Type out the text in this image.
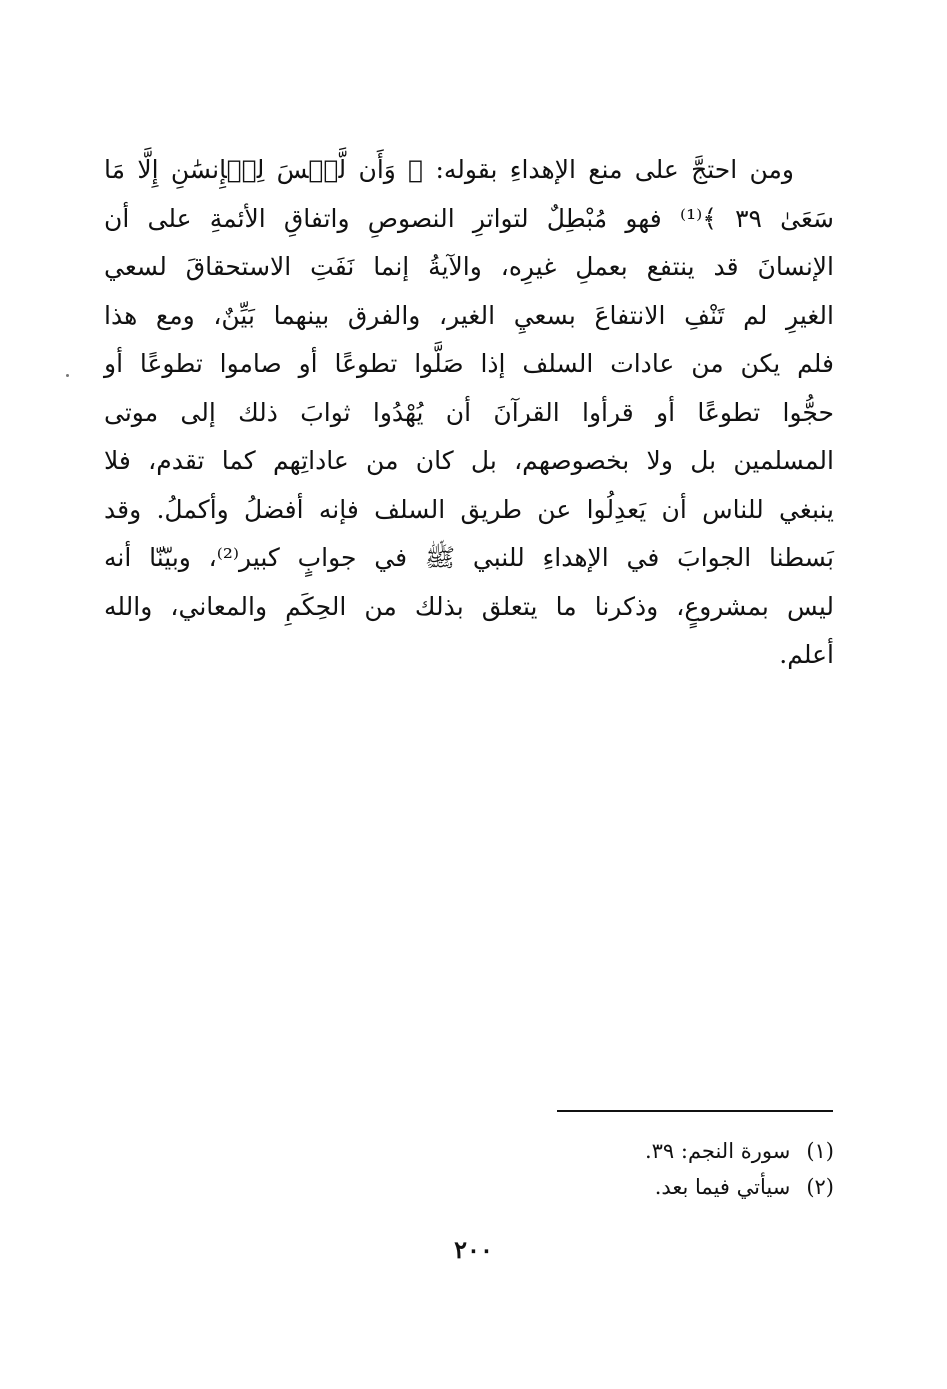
ومن احتجَّ على منع الإهداءِ بقوله: ﴿ وَأَن لَّيۡسَ لِلۡإِنسَٰنِ إِلَّا مَا
سَعَىٰ ٣٩ ﴾⁽¹⁾ فهو مُبْطِلٌ لتواترِ النصوصِ واتفاقِ الأئمةِ على أن
الإنسانَ قد ينتفع بعملِ غيرِه، والآيةُ إنما نَفَتِ الاستحقاقَ لسعي
الغيرِ لم تَنْفِ الانتفاعَ بسعيِ الغير، والفرق بينهما بَيِّنٌ، ومع هذا
فلم يكن من عادات السلف إذا صَلَّوا تطوعًا أو صاموا تطوعًا أو
حجُّوا تطوعًا أو قرأوا القرآنَ أن يُهْدُوا ثوابَ ذلك إلى موتى
المسلمين بل ولا بخصوصهم، بل كان من عاداتِهم كما تقدم، فلا
ينبغي للناس أن يَعدِلُوا عن طريق السلف فإنه أفضلُ وأكملُ. وقد
بَسطنا الجوابَ في الإهداءِ للنبي ﷺ في جوابٍ كبير⁽²⁾، وبيّنّا أنه
ليس بمشروعٍ، وذكرنا ما يتعلق بذلك من الحِكَمِ والمعاني، والله
أعلم.
(١)سورة النجم: ٣٩.
(٢)سيأتي فيما بعد.
٢٠٠
